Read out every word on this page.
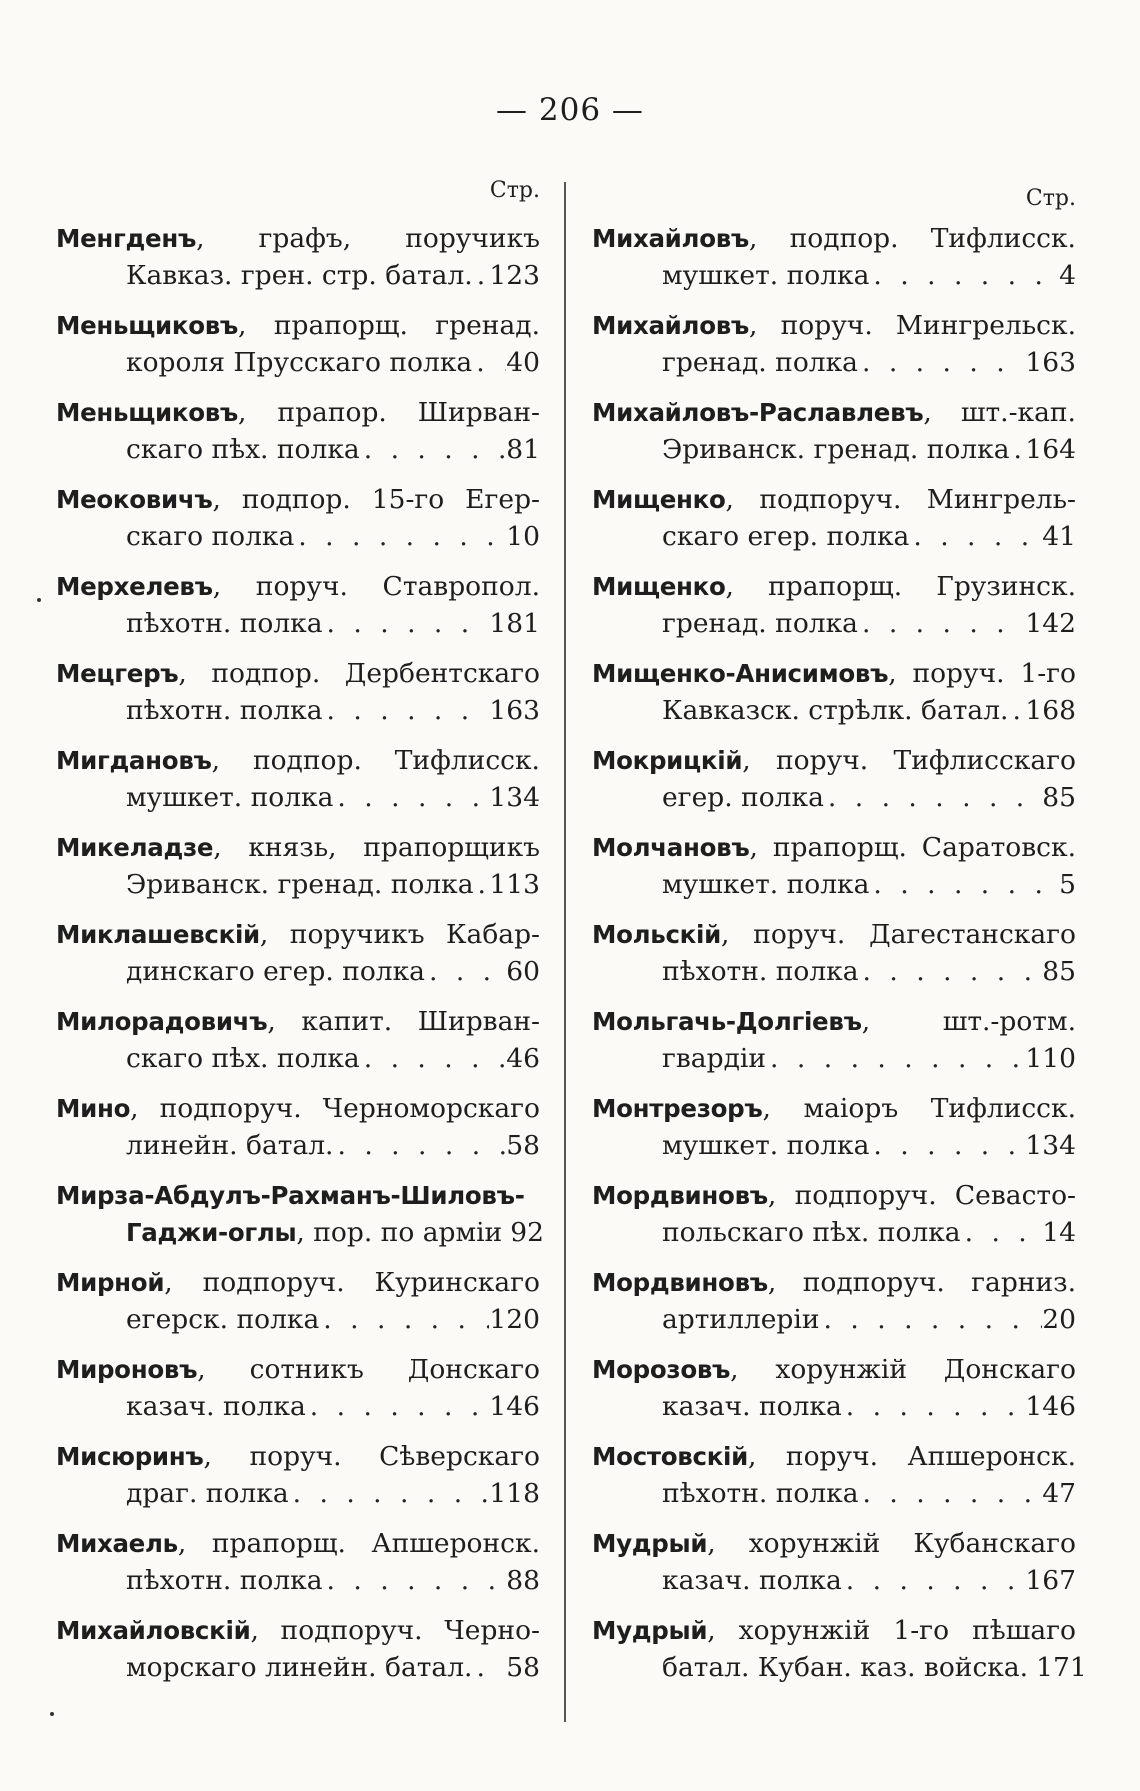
— 206 —
Стр.
Менгденъ, графъ, поручикъ
Кавказ. грен. стр. батал. . . . 123
Меньщиковъ, прапорщ. гренад.
короля Прусскаго полка . . . 40
Меньщиковъ, прапор. Ширван-
скаго пѣх. полка . . .	81
Меоковичъ, подпор. 15-го Егер-
скаго полка . . .	10
Мерхелевъ, поруч. Ставропол.
пѣхотн. полка . . .	181
Мецгеръ, подпор. Дербентскаго
пѣхотн. полка . . .	163
Мигдановъ, подпор. Тифлисск.
мушкет. полка . . .	134
Микеладзе, князь, прапорщикъ
Эриванск. гренад. полка . . . 113
Миклашевскій, поручикъ Кабар-
динскаго егер. полка . . .	60
Милорадовичъ, капит. Ширван-
скаго пѣх. полка . . .	46
Мино, подпоруч. Черноморскаго
линейн. батал. . . .	58
Мирза-Абдулъ-Рахманъ-Шиловъ-
Гаджи-оглы, пор. по арміи 92
Мирной, подпоруч. Куринскаго
егерск. полка . . .	120
Мироновъ, сотникъ Донскаго
казач. полка . . .	146
Мисюринъ, поруч. Сѣверскаго
драг. полка . . .	118
Михаель, прапорщ. Апшеронск.
пѣхотн. полка . . .	88
Михайловскій, подпоруч. Черно-
морскаго линейн. батал. . . . 58
Стр.
Михайловъ, подпор. Тифлисск.
мушкет. полка . . .	4
Михайловъ, поруч. Мингрельск.
гренад. полка . . .	163
Михайловъ-Раславлевъ, шт.-кап.
Эриванск. гренад. полка . . . 164
Мищенко, подпоруч. Мингрель-
скаго егер. полка . . .	41
Мищенко, прапорщ. Грузинск.
гренад. полка . . .	142
Мищенко-Анисимовъ, поруч. 1-го
Кавказск. стрѣлк. батал. . . . 168
Мокрицкій, поруч. Тифлисскаго
егер. полка . . .	85
Молчановъ, прапорщ. Саратовск.
мушкет. полка . . .	5
Мольскій, поруч. Дагестанскаго
пѣхотн. полка . . .	85
Мольгачь-Долгіевъ, шт.-ротм.
гвардіи . . .	110
Монтрезоръ, маіоръ Тифлисск.
мушкет. полка . . .	134
Мордвиновъ, подпоруч. Севасто-
польскаго пѣх. полка . . .	14
Мордвиновъ, подпоруч. гарниз.
артиллеріи . . .	20
Морозовъ, хорунжій Донскаго
казач. полка . . .	146
Мостовскій, поруч. Апшеронск.
пѣхотн. полка . . .	47
Мудрый, хорунжій Кубанскаго
казач. полка . . .	167
Мудрый, хорунжій 1-го пѣшаго
батал. Кубан. каз. войска. 171
